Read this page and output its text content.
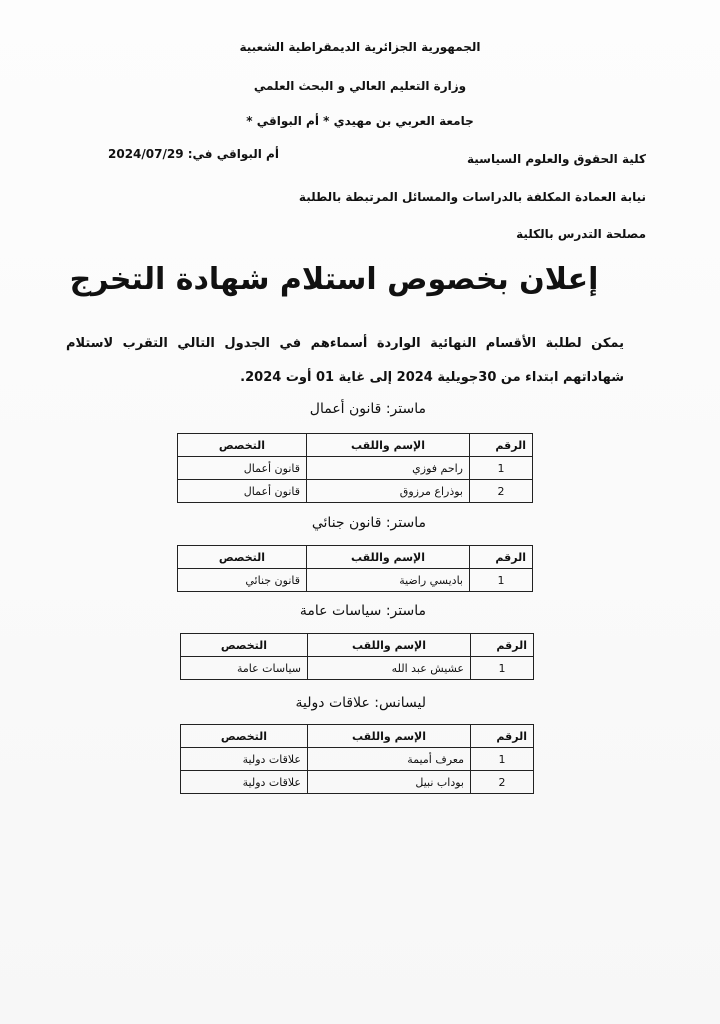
الجمهورية الجزائرية الديمقراطية الشعبية
وزارة التعليم العالي و البحث العلمي
جامعة العربي بن مهيدي * أم البواقي *
أم البواقي في: 2024/07/29	كلية الحقوق والعلوم السياسية
نيابة العمادة المكلفة بالدراسات والمسائل المرتبطة بالطلبة
مصلحة التدرس بالكلية
إعلان بخصوص استلام شهادة التخرج
يمكن لطلبة الأقسام النهائية الواردة أسماءهم في الجدول التالي التقرب لاستلام شهاداتهم ابتداء من 30جويلية 2024 إلى غاية 01 أوت 2024.
ماستر: قانون أعمال
الرقم	الإسم واللقب	التخصص
1	راحم فوزي	قانون أعمال
2	بوذراع مرزوق	قانون أعمال
ماستر: قانون جنائي
الرقم	الإسم واللقب	التخصص
1	باديسي راضية	قانون جنائي
ماستر: سياسات عامة
الرقم	الإسم واللقب	التخصص
1	عشيش عبد الله	سياسات عامة
ليسانس: علاقات دولية
الرقم	الإسم واللقب	التخصص
1	معرف أميمة	علاقات دولية
2	بوداب نبيل	علاقات دولية
